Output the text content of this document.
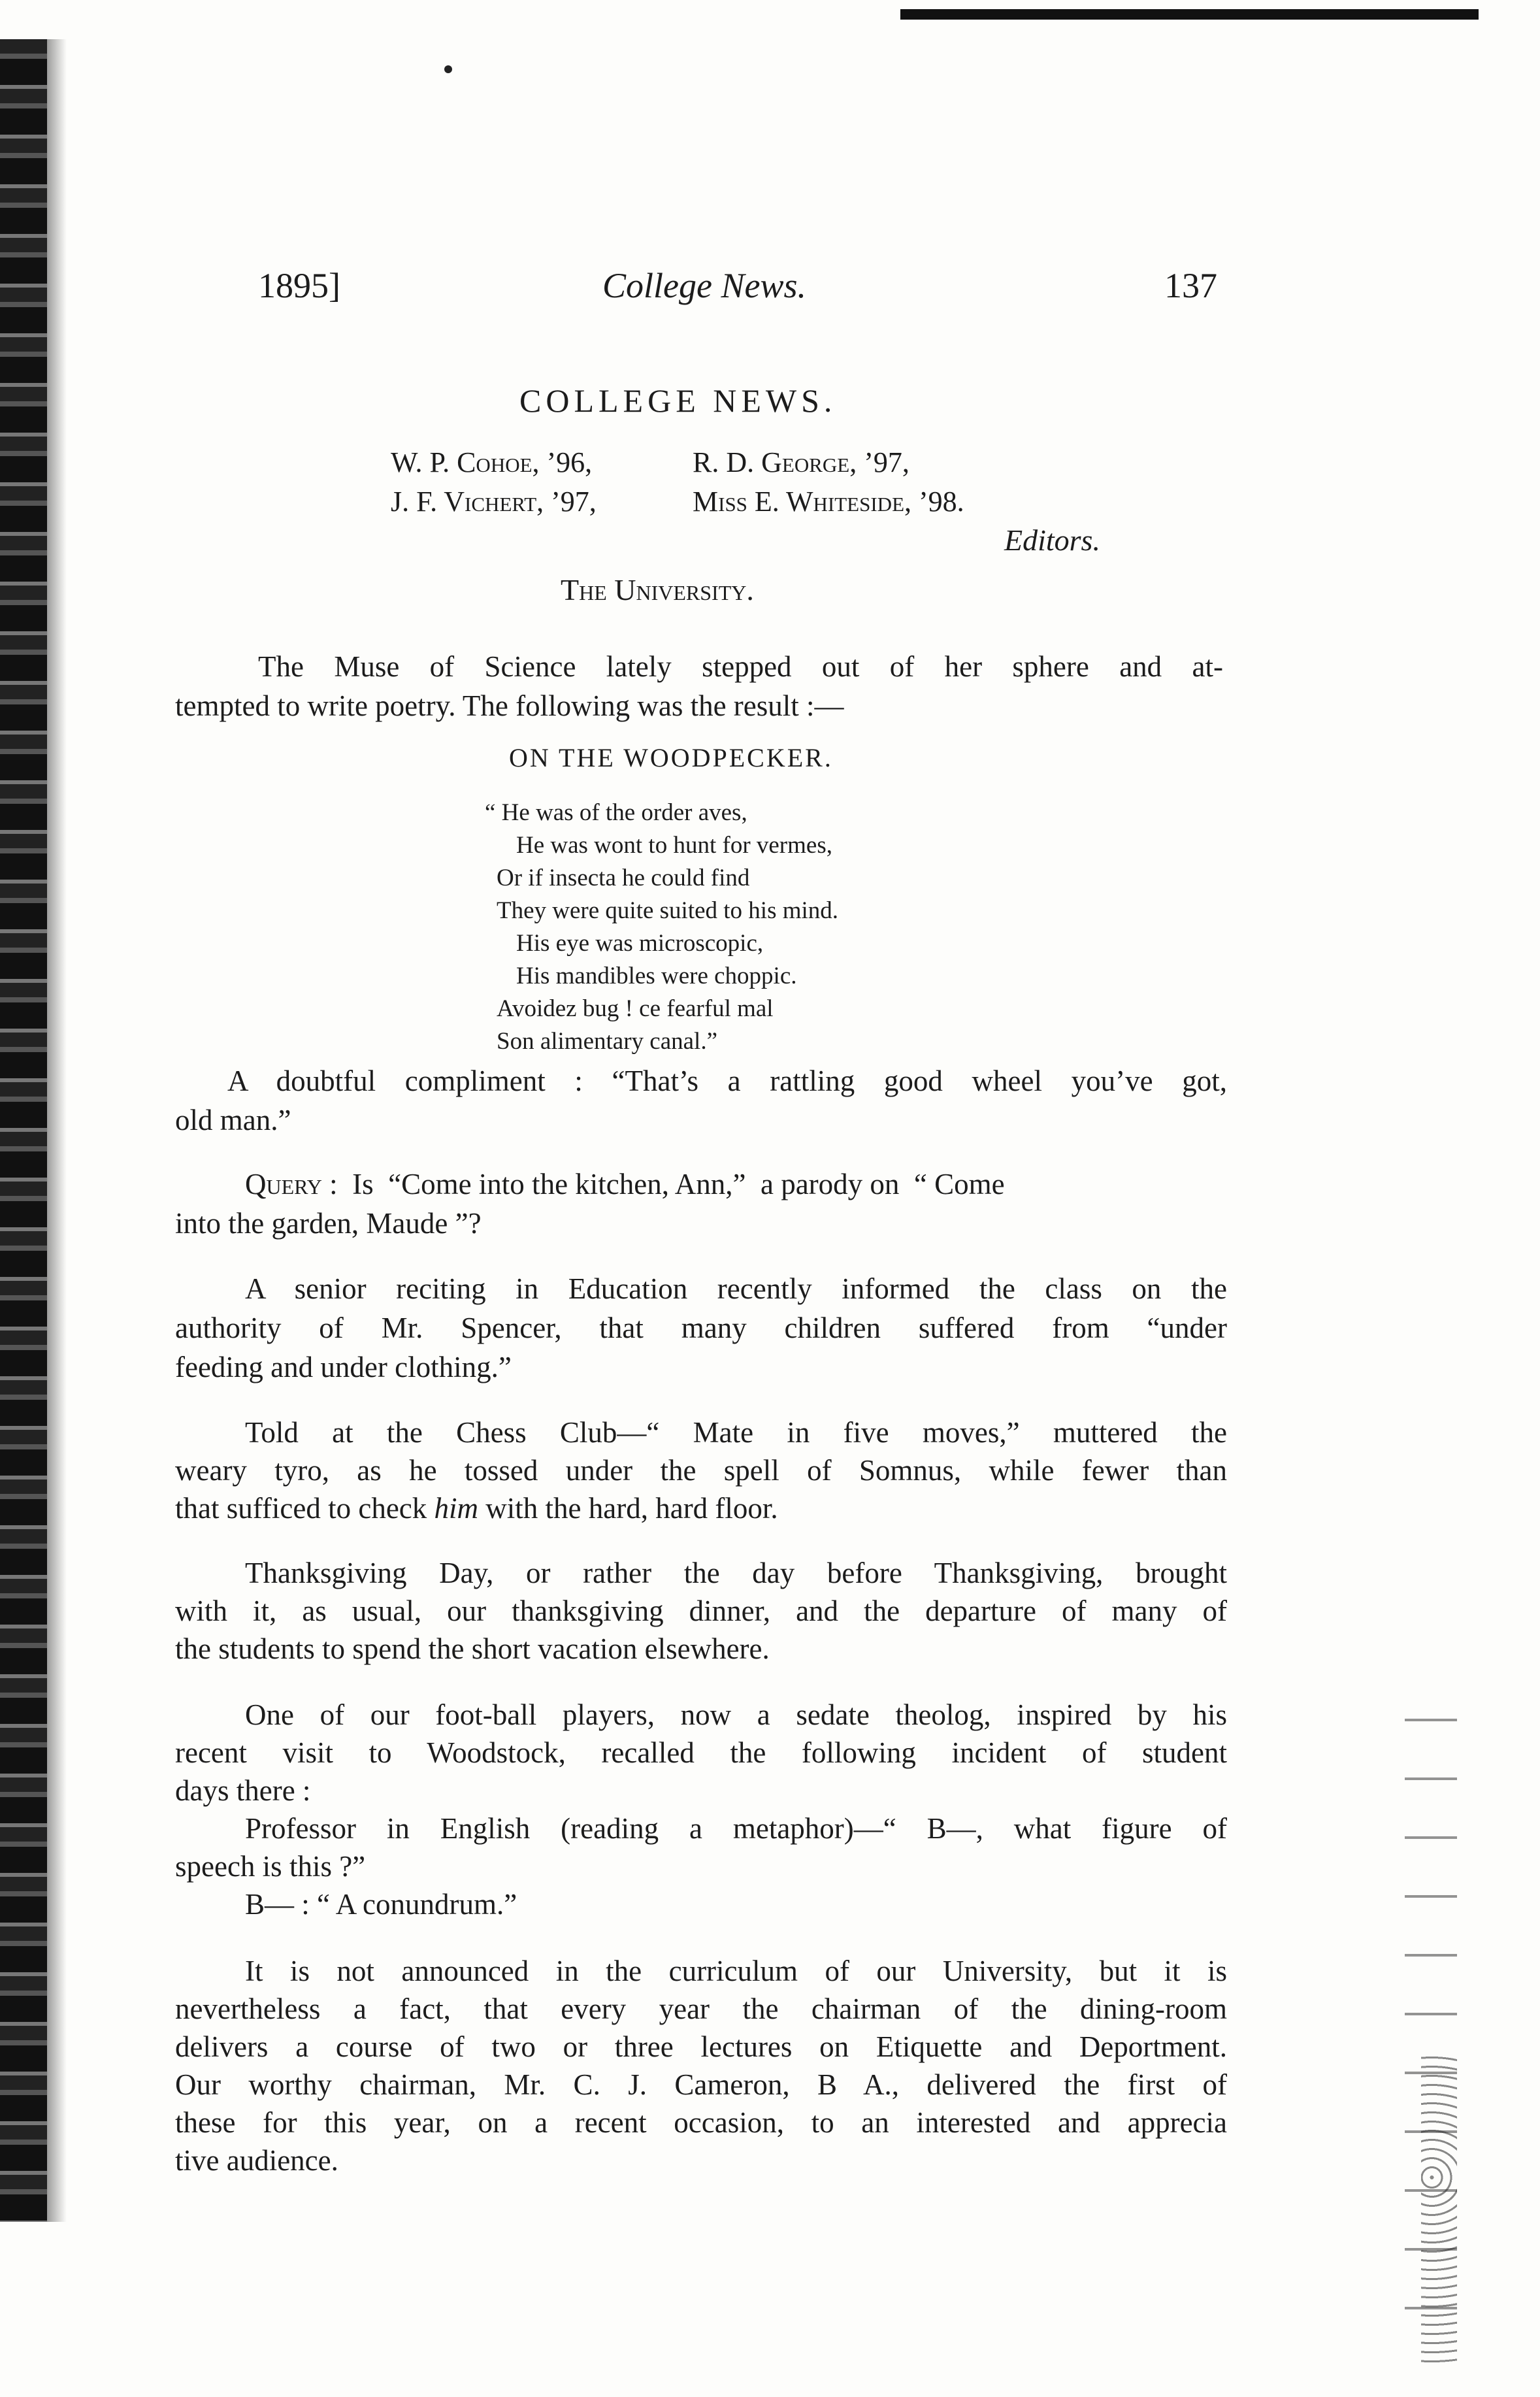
1895]	College News.	137

COLLEGE NEWS.

W. P. Cohoe, ’96,

J. F. Vichert, ’97,

R. D. George, ’97,

Miss E. Whiteside, ’98.

Editors.

The University.

The Muse of Science lately stepped out of her sphere and at-

tempted to write poetry. The following was the result :—

ON THE WOODPECKER.

“ He was of the order aves,

He was wont to hunt for vermes,

Or if insecta he could find

They were quite suited to his mind.

His eye was microscopic,

His mandibles were choppic.

Avoidez bug ! ce fearful mal

Son alimentary canal.”

A doubtful compliment : “That’s a rattling good wheel you’ve got,

old man.”

Query :  Is  “Come into the kitchen, Ann,”  a parody on  “ Come

into the garden, Maude ”?

A senior reciting in Education recently informed the class on the

authority of Mr. Spencer, that many children suffered from “under

feeding and under clothing.”

Told at the Chess Club—“ Mate in five moves,” muttered the

weary tyro, as he tossed under the spell of Somnus, while fewer than

that sufficed to check him with the hard, hard floor.

Thanksgiving Day, or rather the day before Thanksgiving, brought

with it, as usual, our thanksgiving dinner, and the departure of many of

the students to spend the short vacation elsewhere.

One of our foot-ball players, now a sedate theolog, inspired by his

recent visit to Woodstock, recalled the following incident of student

days there :

Professor in English (reading a metaphor)—“ B—, what figure of

speech is this ?”

B— : “ A conundrum.”

It is not announced in the curriculum of our University, but it is

nevertheless a fact, that every year the chairman of the dining-room

delivers a course of two or three lectures on Etiquette and Deportment.

Our worthy chairman, Mr. C. J. Cameron, B A., delivered the first of

these for this year, on a recent occasion, to an interested and apprecia

tive audience.
